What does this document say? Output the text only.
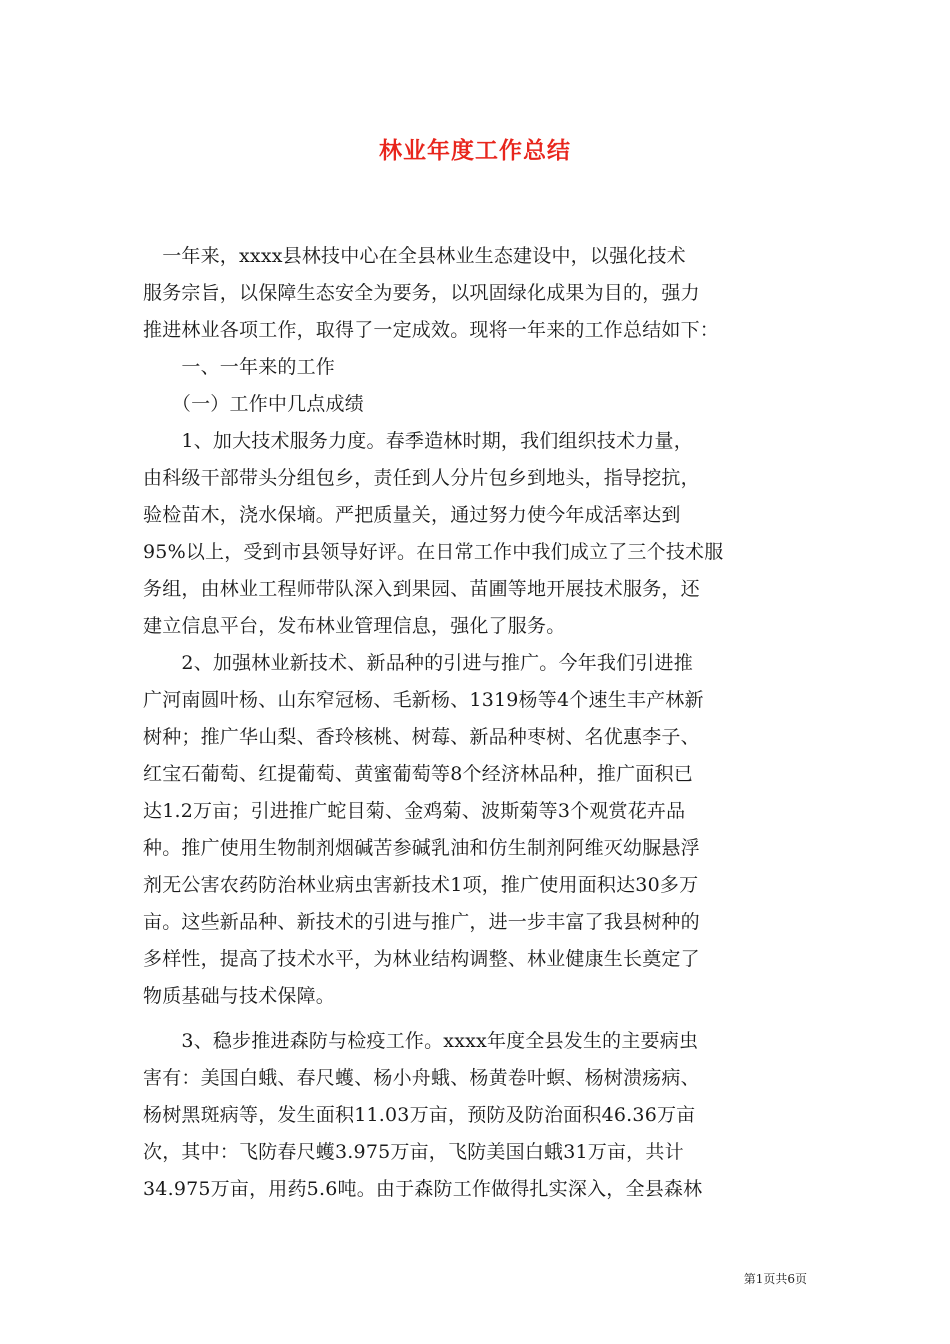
林业年度工作总结
　一年来，xxxx县林技中心在全县林业生态建设中，以强化技术
服务宗旨，以保障生态安全为要务，以巩固绿化成果为目的，强力
推进林业各项工作，取得了一定成效。现将一年来的工作总结如下：
　　一、一年来的工作
　　（一）工作中几点成绩
　　1、加大技术服务力度。春季造林时期，我们组织技术力量，
由科级干部带头分组包乡，责任到人分片包乡到地头，指导挖抗，
验检苗木，浇水保墒。严把质量关，通过努力使今年成活率达到
95%以上，受到市县领导好评。在日常工作中我们成立了三个技术服
务组，由林业工程师带队深入到果园、苗圃等地开展技术服务，还
建立信息平台，发布林业管理信息，强化了服务。
　　2、加强林业新技术、新品种的引进与推广。今年我们引进推
广河南圆叶杨、山东窄冠杨、毛新杨、1319杨等4个速生丰产林新
树种；推广华山梨、香玲核桃、树莓、新品种枣树、名优惠李子、
红宝石葡萄、红提葡萄、黄蜜葡萄等8个经济林品种，推广面积已
达1.2万亩；引进推广蛇目菊、金鸡菊、波斯菊等3个观赏花卉品
种。推广使用生物制剂烟碱苦参碱乳油和仿生制剂阿维灭幼脲悬浮
剂无公害农药防治林业病虫害新技术1项，推广使用面积达30多万
亩。这些新品种、新技术的引进与推广，进一步丰富了我县树种的
多样性，提高了技术水平，为林业结构调整、林业健康生长奠定了
物质基础与技术保障。
　　3、稳步推进森防与检疫工作。xxxx年度全县发生的主要病虫
害有：美国白蛾、春尺蠖、杨小舟蛾、杨黄卷叶螟、杨树溃疡病、
杨树黑斑病等，发生面积11.03万亩，预防及防治面积46.36万亩
次，其中：飞防春尺蠖3.975万亩，飞防美国白蛾31万亩，共计
34.975万亩，用药5.6吨。由于森防工作做得扎实深入，全县森林
第1页共6页
